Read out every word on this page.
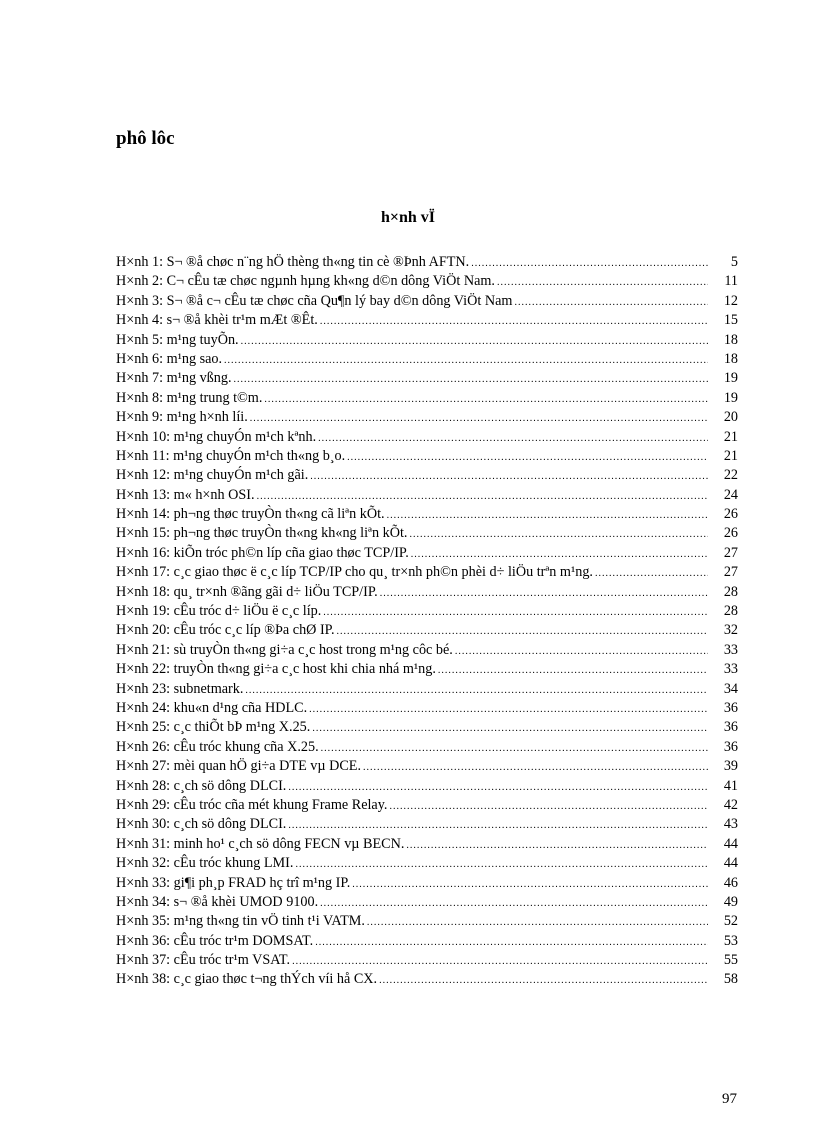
phô lôc
h×nh vÏ
H×nh 1: S¬ ®å chøc n¨ng hÖ thèng th«ng tin cè ®Þnh AFTN. .....	5
H×nh 2: C¬ cÊu tæ chøc ngµnh hµng kh«ng d©n dông ViÖt Nam. .....	11
H×nh 3: S¬ ®å c¬ cÊu tæ chøc cña Qu¶n lý bay d©n dông ViÖt Nam .....	12
H×nh 4: s¬ ®å khèi tr¹m mÆt ®Êt. .....	15
H×nh 5: m¹ng tuyÕn. .....	18
H×nh 6: m¹ng sao. .....	18
H×nh 7: m¹ng vßng. .....	19
H×nh 8: m¹ng trung t©m. .....	19
H×nh 9: m¹ng h×nh líi. .....	20
H×nh 10: m¹ng chuyÓn m¹ch kªnh. .....	21
H×nh 11: m¹ng chuyÓn m¹ch th«ng b¸o. .....	21
H×nh 12: m¹ng chuyÓn m¹ch gãi. .....	22
H×nh 13: m« h×nh OSI. .....	24
H×nh 14: ph¬ng thøc truyÒn th«ng cã liªn kÕt. .....	26
H×nh 15: ph¬ng thøc truyÒn th«ng kh«ng liªn kÕt. .....	26
H×nh 16: kiÕn tróc ph©n líp cña giao thøc TCP/IP. .....	27
H×nh 17: c¸c giao thøc ë c¸c líp TCP/IP cho qu¸ tr×nh ph©n phèi d÷ liÖu trªn m¹ng. .....	27
H×nh 18: qu¸ tr×nh ®ãng gãi d÷ liÖu TCP/IP. .....	28
H×nh 19: cÊu tróc d÷ liÖu ë c¸c líp. .....	28
H×nh 20: cÊu tróc c¸c líp ®Þa chØ IP. .....	32
H×nh 21: sù truyÒn th«ng gi÷a c¸c host trong m¹ng côc bé. .....	33
H×nh 22: truyÒn th«ng gi÷a c¸c host khi chia nhá m¹ng. .....	33
H×nh 23: subnetmark. .....	34
H×nh 24: khu«n d¹ng cña HDLC. .....	36
H×nh 25: c¸c thiÕt bÞ m¹ng X.25. .....	36
H×nh 26: cÊu tróc khung cña X.25. .....	36
H×nh 27: mèi quan hÖ gi÷a DTE vµ DCE. .....	39
H×nh 28: c¸ch sö dông DLCI. .....	41
H×nh 29: cÊu tróc cña mét khung Frame Relay. .....	42
H×nh 30: c¸ch sö dông DLCI. .....	43
H×nh 31: minh ho¹ c¸ch sö dông FECN vµ BECN. .....	44
H×nh 32: cÊu tróc khung LMI. .....	44
H×nh 33: gi¶i ph¸p FRAD hç trî m¹ng IP. .....	46
H×nh 34: s¬ ®å khèi UMOD 9100. .....	49
H×nh 35: m¹ng th«ng tin vÖ tinh t¹i VATM. .....	52
H×nh 36: cÊu tróc tr¹m DOMSAT. .....	53
H×nh 37: cÊu tróc tr¹m VSAT. .....	55
H×nh 38: c¸c giao thøc t¬ng thÝch víi hå CX. .....	58
97
